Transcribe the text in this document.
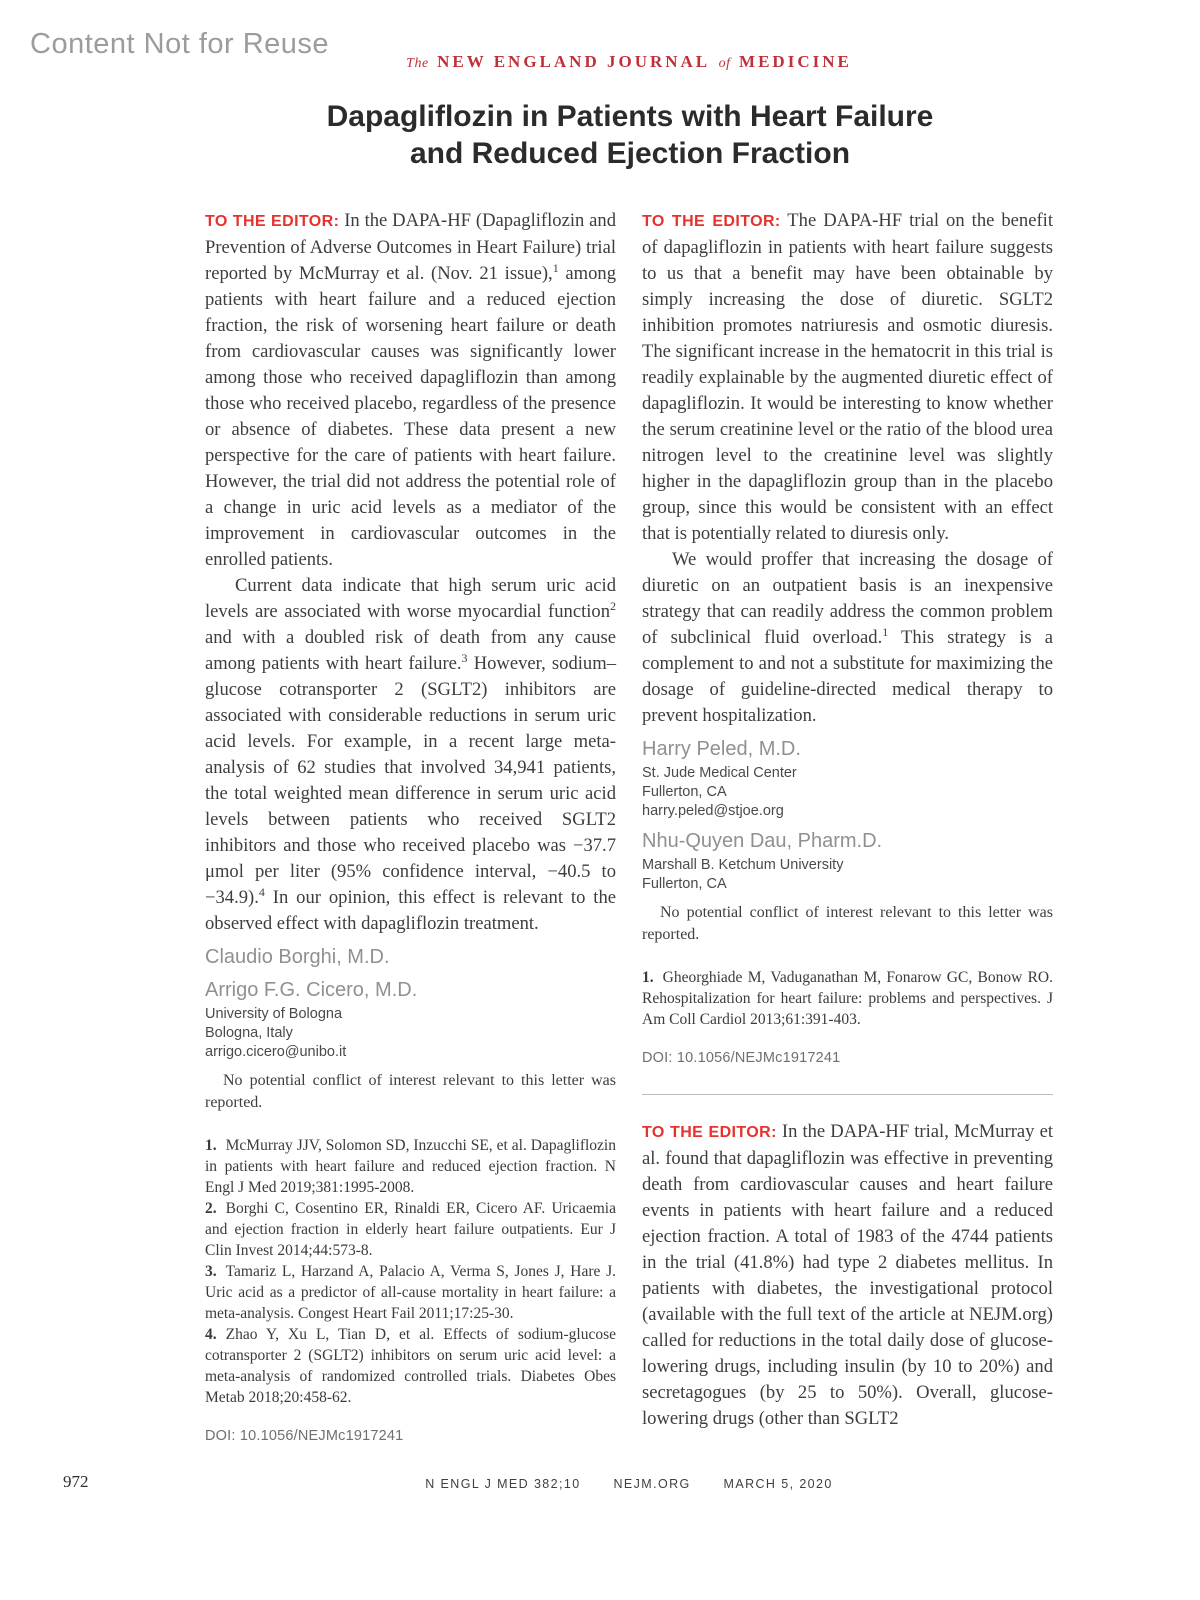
Content Not for Reuse
The NEW ENGLAND JOURNAL of MEDICINE
Dapagliflozin in Patients with Heart Failure
and Reduced Ejection Fraction

TO THE EDITOR: In the DAPA-HF (Dapagliflozin and Prevention of Adverse Outcomes in Heart Failure) trial reported by McMurray et al. (Nov. 21 issue),$^1$ among patients with heart failure and a reduced ejection fraction, the risk of worsening heart failure or death from cardiovascular causes was significantly lower among those who received dapagliflozin than among those who received placebo, regardless of the presence or absence of diabetes. These data present a new perspective for the care of patients with heart failure. However, the trial did not address the potential role of a change in uric acid levels as a mediator of the improvement in cardiovascular outcomes in the enrolled patients.

Current data indicate that high serum uric acid levels are associated with worse myocardial function$^2$ and with a doubled risk of death from any cause among patients with heart failure.$^3$ However, sodium–glucose cotransporter 2 (SGLT2) inhibitors are associated with considerable reductions in serum uric acid levels. For example, in a recent large meta-analysis of 62 studies that involved 34,941 patients, the total weighted mean difference in serum uric acid levels between patients who received SGLT2 inhibitors and those who received placebo was −37.7 μmol per liter (95% confidence interval, −40.5 to −34.9).$^4$ In our opinion, this effect is relevant to the observed effect with dapagliflozin treatment.

Claudio Borghi, M.D.
Arrigo F.G. Cicero, M.D.
University of Bologna
Bologna, Italy
arrigo.cicero@unibo.it

No potential conflict of interest relevant to this letter was reported.

1. McMurray JJV, Solomon SD, Inzucchi SE, et al. Dapagliflozin in patients with heart failure and reduced ejection fraction. N Engl J Med 2019;381:1995-2008.

2. Borghi C, Cosentino ER, Rinaldi ER, Cicero AF. Uricaemia and ejection fraction in elderly heart failure outpatients. Eur J Clin Invest 2014;44:573-8.

3. Tamariz L, Harzand A, Palacio A, Verma S, Jones J, Hare J. Uric acid as a predictor of all-cause mortality in heart failure: a meta-analysis. Congest Heart Fail 2011;17:25-30.

4. Zhao Y, Xu L, Tian D, et al. Effects of sodium-glucose cotransporter 2 (SGLT2) inhibitors on serum uric acid level: a meta-analysis of randomized controlled trials. Diabetes Obes Metab 2018;20:458-62.

DOI: 10.1056/NEJMc1917241

TO THE EDITOR: The DAPA-HF trial on the benefit of dapagliflozin in patients with heart failure suggests to us that a benefit may have been obtainable by simply increasing the dose of diuretic. SGLT2 inhibition promotes natriuresis and osmotic diuresis. The significant increase in the hematocrit in this trial is readily explainable by the augmented diuretic effect of dapagliflozin. It would be interesting to know whether the serum creatinine level or the ratio of the blood urea nitrogen level to the creatinine level was slightly higher in the dapagliflozin group than in the placebo group, since this would be consistent with an effect that is potentially related to diuresis only.

We would proffer that increasing the dosage of diuretic on an outpatient basis is an inexpensive strategy that can readily address the common problem of subclinical fluid overload.$^1$ This strategy is a complement to and not a substitute for maximizing the dosage of guideline-directed medical therapy to prevent hospitalization.

Harry Peled, M.D.
St. Jude Medical Center
Fullerton, CA
harry.peled@stjoe.org
Nhu-Quyen Dau, Pharm.D.
Marshall B. Ketchum University
Fullerton, CA

No potential conflict of interest relevant to this letter was reported.

1. Gheorghiade M, Vaduganathan M, Fonarow GC, Bonow RO. Rehospitalization for heart failure: problems and perspectives. J Am Coll Cardiol 2013;61:391-403.

DOI: 10.1056/NEJMc1917241

TO THE EDITOR: In the DAPA-HF trial, McMurray et al. found that dapagliflozin was effective in preventing death from cardiovascular causes and heart failure events in patients with heart failure and a reduced ejection fraction. A total of 1983 of the 4744 patients in the trial (41.8%) had type 2 diabetes mellitus. In patients with diabetes, the investigational protocol (available with the full text of the article at NEJM.org) called for reductions in the total daily dose of glucose-lowering drugs, including insulin (by 10 to 20%) and secretagogues (by 25 to 50%). Overall, glucose-lowering drugs (other than SGLT2

972	N ENGL J MED 382;10	NEJM.ORG	MARCH 5, 2020
